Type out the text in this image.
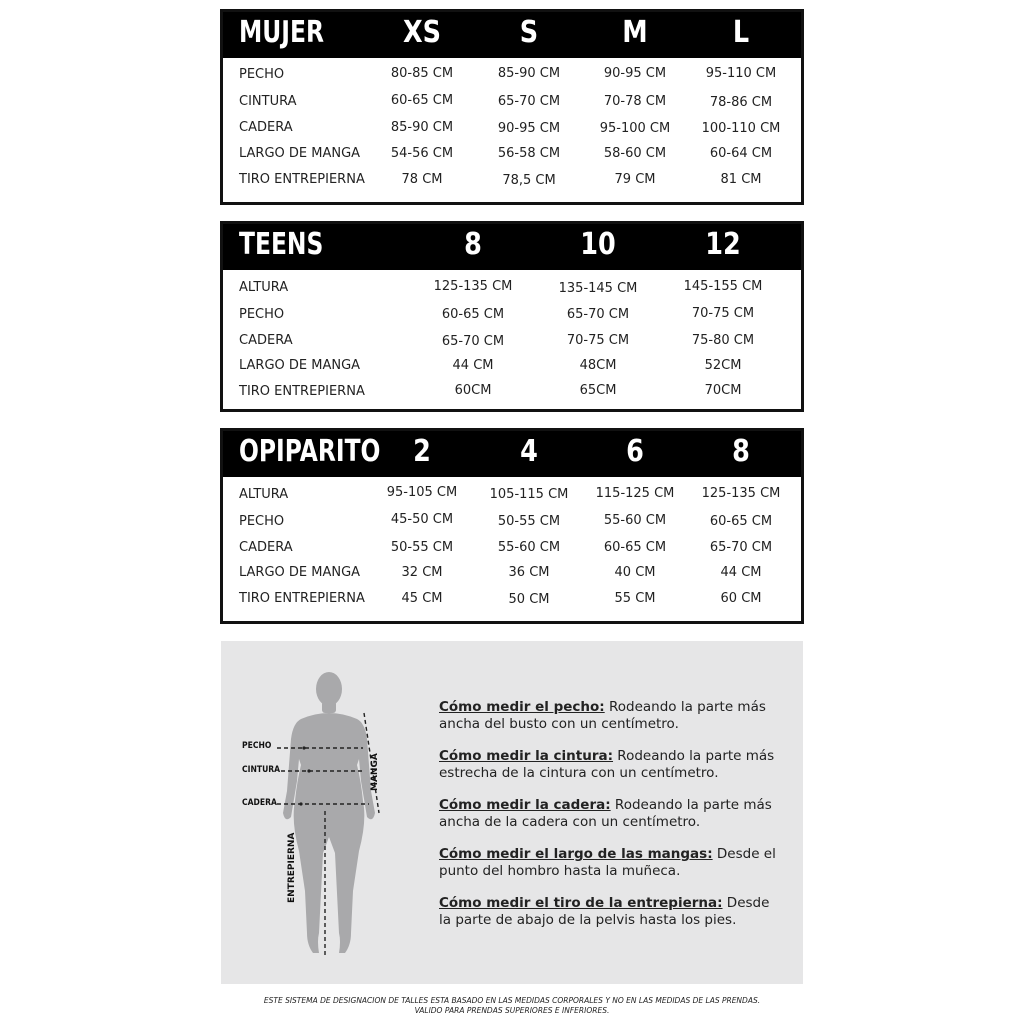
MUJER	XS	S	M	L
PECHO	80-85 CM	85-90 CM	90-95 CM	95-110 CM
CINTURA	60-65 CM	65-70 CM	70-78 CM	78-86 CM
CADERA	85-90 CM	90-95 CM	95-100 CM	100-110 CM
LARGO DE MANGA	54-56 CM	56-58 CM	58-60 CM	60-64 CM
TIRO ENTREPIERNA	78 CM	78,5 CM	79 CM	81 CM
TEENS	8	10	12
ALTURA	125-135 CM	135-145 CM	145-155 CM
PECHO	60-65 CM	65-70 CM	70-75 CM
CADERA	65-70 CM	70-75 CM	75-80 CM
LARGO DE MANGA	44 CM	48CM	52CM
TIRO ENTREPIERNA	60CM	65CM	70CM
OPIPARITO	2	4	6	8
ALTURA	95-105 CM	105-115 CM	115-125 CM	125-135 CM
PECHO	45-50 CM	50-55 CM	55-60 CM	60-65 CM
CADERA	50-55 CM	55-60 CM	60-65 CM	65-70 CM
LARGO DE MANGA	32 CM	36 CM	40 CM	44 CM
TIRO ENTREPIERNA	45 CM	50 CM	55 CM	60 CM
PECHO
CINTURA
CADERA
MANGA
ENTREPIERNA
Cómo medir el pecho: Rodeando la parte más ancha del busto con un centímetro.
Cómo medir la cintura: Rodeando la parte más estrecha de la cintura con un centímetro.
Cómo medir la cadera: Rodeando la parte más ancha de la cadera con un centímetro.
Cómo medir el largo de las mangas: Desde el punto del hombro hasta la muñeca.
Cómo medir el tiro de la entrepierna: Desde la parte de abajo de la pelvis hasta los pies.
ESTE SISTEMA DE DESIGNACION DE TALLES ESTA BASADO EN LAS MEDIDAS CORPORALES Y NO EN LAS MEDIDAS DE LAS PRENDAS.
VALIDO PARA PRENDAS SUPERIORES E INFERIORES.
